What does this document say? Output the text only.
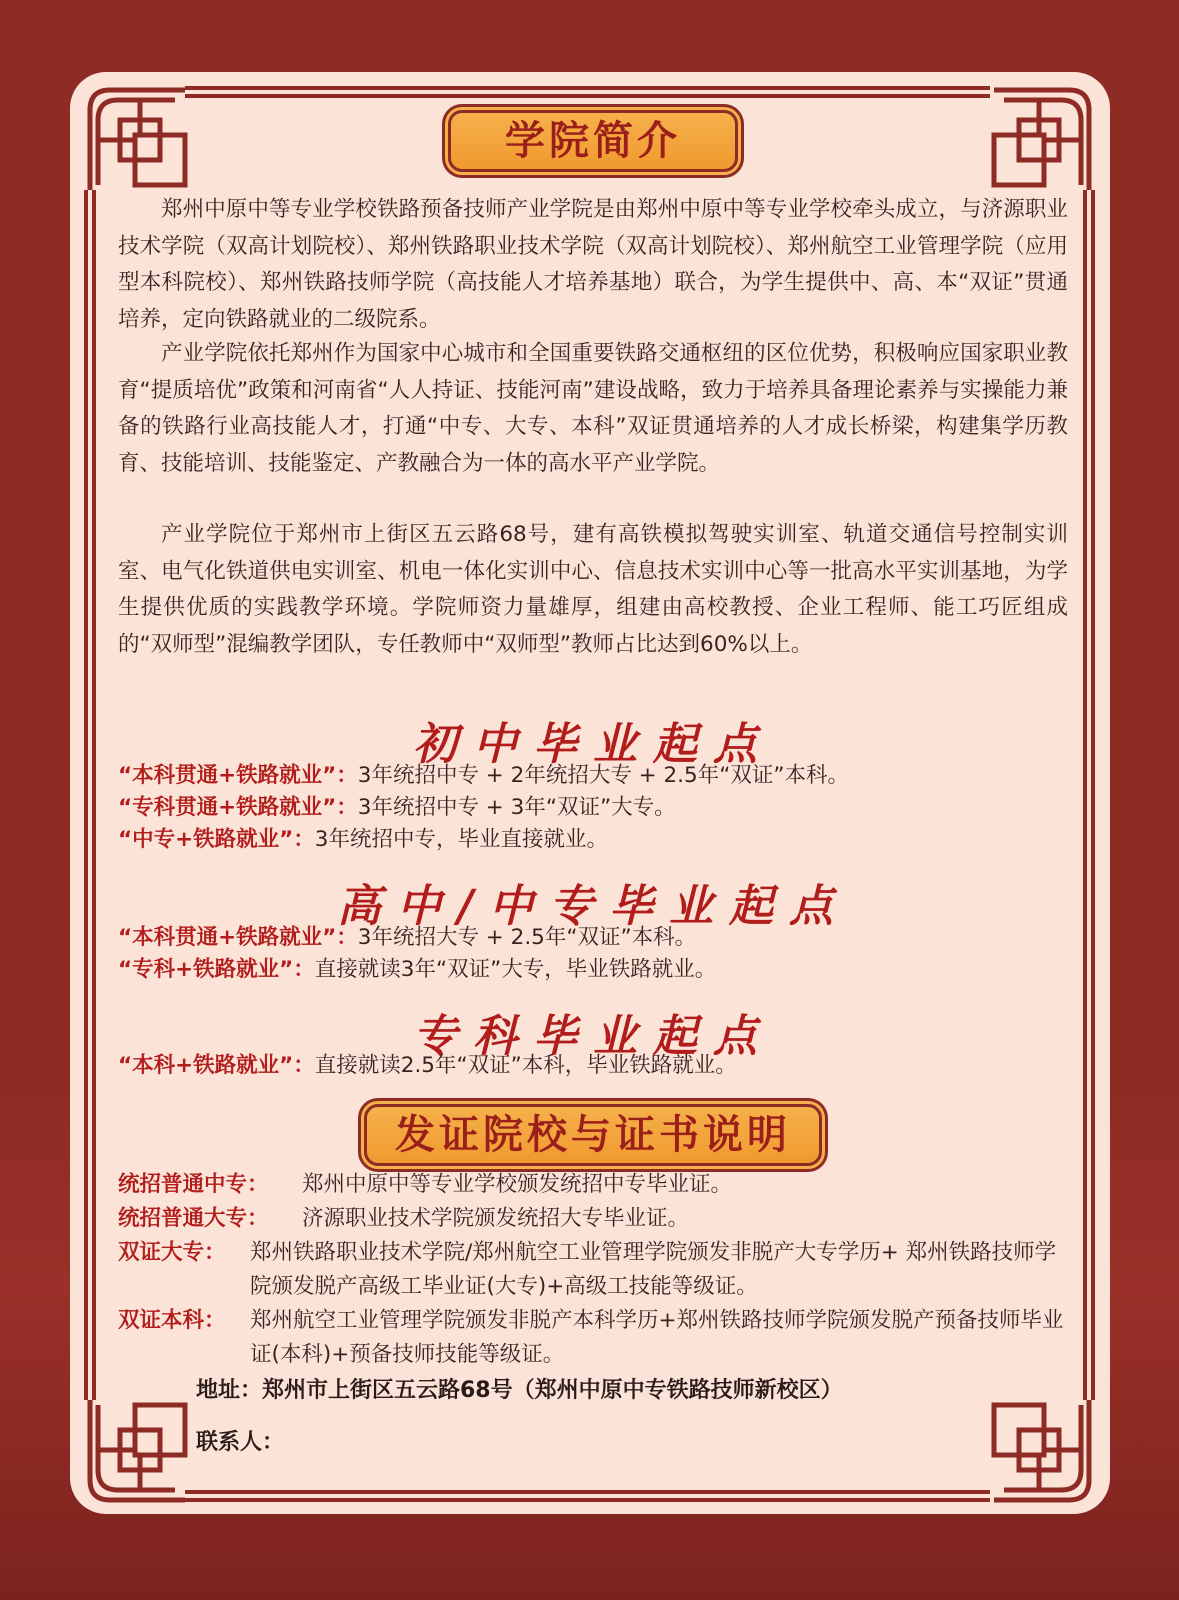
学院简介
郑州中原中等专业学校铁路预备技师产业学院是由郑州中原中等专业学校牵头成立，与济源职业技术学院（双高计划院校）、郑州铁路职业技术学院（双高计划院校）、郑州航空工业管理学院（应用型本科院校）、郑州铁路技师学院（高技能人才培养基地）联合，为学生提供中、高、本“双证”贯通培养，定向铁路就业的二级院系。
产业学院依托郑州作为国家中心城市和全国重要铁路交通枢纽的区位优势，积极响应国家职业教育“提质培优”政策和河南省“人人持证、技能河南”建设战略，致力于培养具备理论素养与实操能力兼备的铁路行业高技能人才，打通“中专、大专、本科”双证贯通培养的人才成长桥梁，构建集学历教育、技能培训、技能鉴定、产教融合为一体的高水平产业学院。
产业学院位于郑州市上街区五云路68号，建有高铁模拟驾驶实训室、轨道交通信号控制实训室、电气化铁道供电实训室、机电一体化实训中心、信息技术实训中心等一批高水平实训基地，为学生提供优质的实践教学环境。学院师资力量雄厚，组建由高校教授、企业工程师、能工巧匠组成的“双师型”混编教学团队，专任教师中“双师型”教师占比达到60%以上。
初中毕业起点
“本科贯通+铁路就业”：3年统招中专 + 2年统招大专 + 2.5年“双证”本科。
“专科贯通+铁路就业”：3年统招中专 + 3年“双证”大专。
“中专+铁路就业”：3年统招中专，毕业直接就业。
高中/中专毕业起点
“本科贯通+铁路就业”：3年统招大专 + 2.5年“双证”本科。
“专科+铁路就业”：直接就读3年“双证”大专，毕业铁路就业。
专科毕业起点
“本科+铁路就业”：直接就读2.5年“双证”本科，毕业铁路就业。
发证院校与证书说明
统招普通中专： 郑州中原中等专业学校颁发统招中专毕业证。
统招普通大专： 济源职业技术学院颁发统招大专毕业证。
双证大专： 郑州铁路职业技术学院/郑州航空工业管理学院颁发非脱产大专学历+ 郑州铁路技师学院颁发脱产高级工毕业证(大专)+高级工技能等级证。
双证本科： 郑州航空工业管理学院颁发非脱产本科学历+郑州铁路技师学院颁发脱产预备技师毕业证(本科)+预备技师技能等级证。
地址：郑州市上街区五云路68号（郑州中原中专铁路技师新校区）
联系人：
